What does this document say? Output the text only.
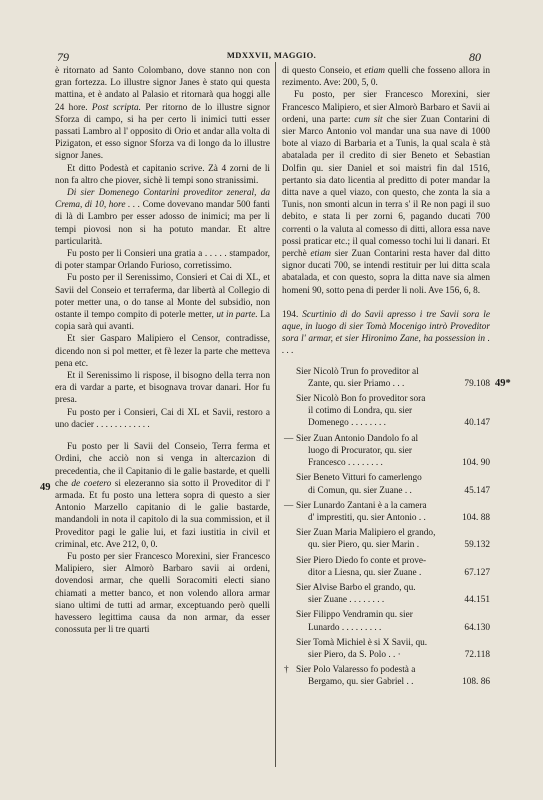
79	MDXXVII, MAGGIO.	80
49
49*

è ritornato ad Santo Colombano, dove stanno non con gran fortezza. Lo illustre signor Janes è stato qui questa mattina, et è andato al Palasio et ritornarà qua hoggi alle 24 hore. Post scripta. Per ritorno de lo illustre signor Sforza di campo, si ha per certo li inimici tutti esser passati Lambro al l' opposito di Orio et andar alla volta di Pizigaton, et esso signor Sforza va di longo da lo illustre signor Janes.

Et ditto Podestà et capitanio scrive. Zà 4 zorni de li non fa altro che piover, sichè li tempi sono stranissimi.

Di sier Domenego Contarini proveditor zeneral, da Crema, di 10, hore . . . Come dovevano mandar 500 fanti di là di Lambro per esser adosso de inimici; ma per li tempi piovosi non si ha potuto mandar. Et altre particularità.

Fu posto per li Consieri una gratia a . . . . . stampador, di poter stampar Orlando Furioso, corretissimo.

Fu posto per il Serenissimo, Consieri et Cai di XL, et Savii del Conseio et terraferma, dar libertà al Collegio di poter metter una, o do tanse al Monte del subsidio, non ostante il tempo compito di poterle metter, ut in parte. La copia sarà qui avanti.

Et sier Gasparo Malipiero el Censor, contradisse, dicendo non si pol metter, et fè lezer la parte che metteva pena etc.

Et il Serenissimo li rispose, il bisogno della terra non era di vardar a parte, et bisognava trovar danari. Hor fu presa.

Fu posto per i Consieri, Cai di XL et Savii, restoro a uno dacier . . . . . . . . . . . .

Fu posto per li Savii del Conseio, Terra ferma et Ordini, che acciò non si venga in altercazion di precedentia, che il Capitanio di le galie bastarde, et quelli che de coetero si elezeranno sia sotto il Proveditor di l' armada. Et fu posto una lettera sopra di questo a sier Antonio Marzello capitanio di le galie bastarde, mandandoli in nota il capitolo di la sua commission, et il Proveditor pagi le galie lui, et fazi iustitia in civil et criminal, etc. Ave 212, 0, 0.

Fu posto per sier Francesco Morexini, sier Francesco Malipiero, sier Almorò Barbaro savii ai ordeni, dovendosi armar, che quelli Soracomiti electi siano chiamati a metter banco, et non volendo allora armar siano ultimi de tutti ad armar, exceptuando però quelli havessero legittima causa da non armar, da esser conossuta per li tre quarti

di questo Conseio, et etiam quelli che fosseno allora in rezimento. Ave: 200, 5, 0.

Fu posto, per sier Francesco Morexini, sier Francesco Malipiero, et sier Almorò Barbaro et Savii ai ordeni, una parte: cum sit che sier Zuan Contarini di sier Marco Antonio vol mandar una sua nave di 1000 bote al viazo di Barbaria et a Tunis, la qual scala è stà abatalada per il credito di sier Beneto et Sebastian Dolfin qu. sier Daniel et soi maistri fin dal 1516, pertanto sia dato licentia al preditto di poter mandar la ditta nave a quel viazo, con questo, che zonta la sia a Tunis, non smonti alcun in terra s' il Re non pagi il suo debito, e stata li per zorni 6, pagando ducati 700 correnti o la valuta al comesso di ditti, allora essa nave possi praticar etc.; il qual comesso tochi lui li danari. Et perchè etiam sier Zuan Contarini resta haver dal ditto signor ducati 700, se intendi restituir per lui ditta scala abatalada, et con questo, sopra la ditta nave sia almen homeni 90, sotto pena di perder li noli. Ave 156, 6, 8.

194. Scurtinio di do Savii apresso i tre Savii sora le aque, in luogo di sier Tomà Mocenigo intrò Proveditor sora l' armar, et sier Hironimo Zane, ha possession in . . . .

Sier Nicolò Trun fo proveditor al
Zante, qu. sier Priamo . . .	79.108
Sier Nicolò Bon fo proveditor sora
il cotimo di Londra, qu. sier
Domenego . . . . . . . .	40.147
— Sier Zuan Antonio Dandolo fo al
luogo di Procurator, qu. sier
Francesco . . . . . . . .	104. 90
Sier Beneto Vitturi fo camerlengo
di Comun, qu. sier Zuane . .	45.147
— Sier Lunardo Zantani è a la camera
d' imprestiti, qu. sier Antonio . .	104. 88
Sier Zuan Maria Malipiero el grando,
qu. sier Piero, qu. sier Marin .	59.132
Sier Piero Diedo fo conte et prove-
ditor a Liesna, qu. sier Zuane .	67.127
Sier Alvise Barbo el grando, qu.
sier Zuane . . . . . . . .	44.151
Sier Filippo Vendramin qu. sier
Lunardo . . . . . . . . .	64.130
Sier Tomà Michiel è si X Savii, qu.
sier Piero, da S. Polo . . ·	72.118
† Sier Polo Valaresso fo podestà a
Bergamo, qu. sier Gabriel . .	108. 86
